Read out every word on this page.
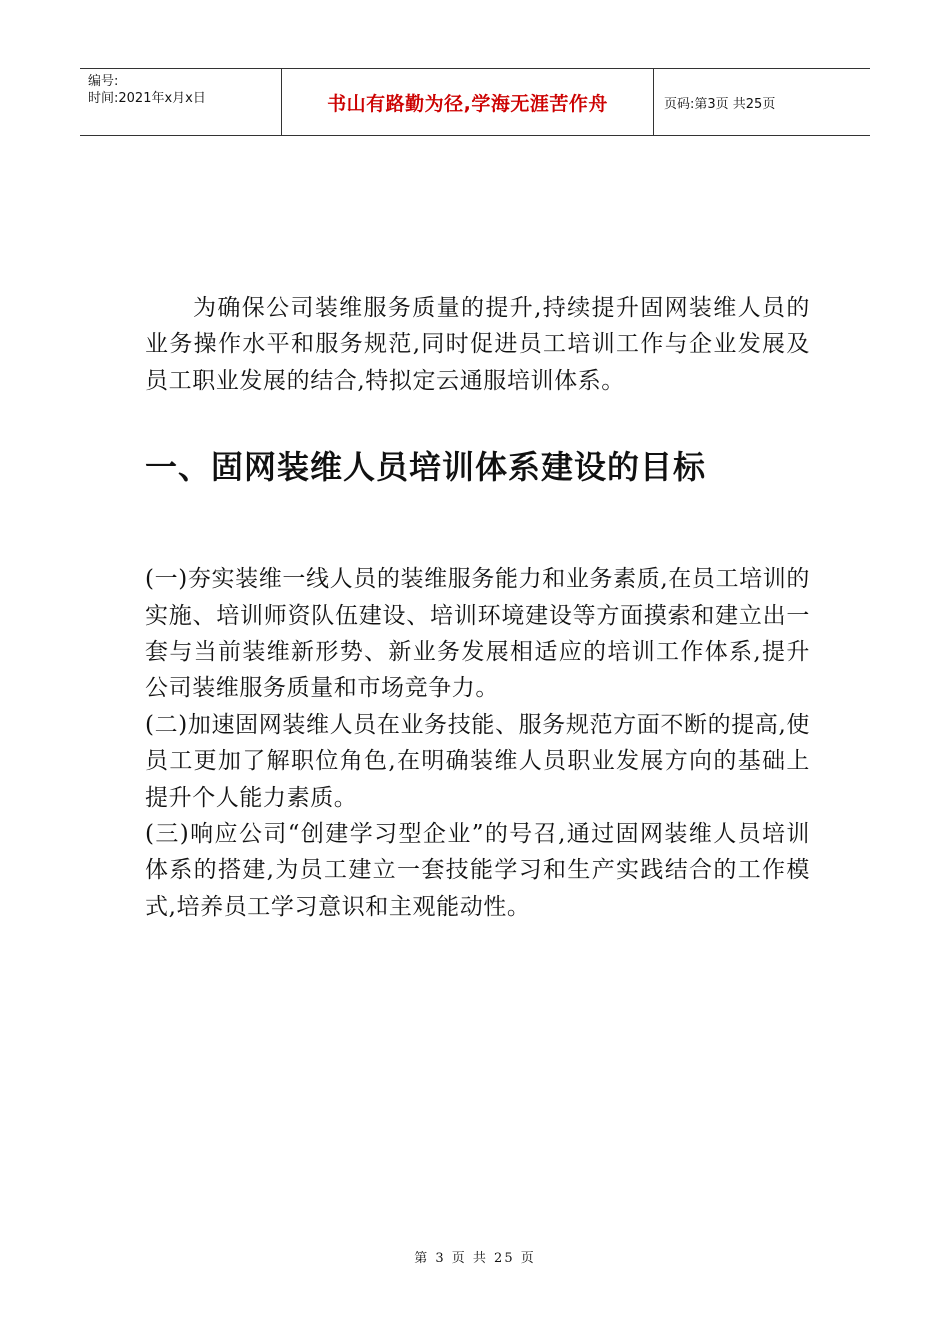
编号:
时间:2021年x月x日	书山有路勤为径,学海无涯苦作舟	页码:第3页 共25页

为确保公司装维服务质量的提升,持续提升固网装维人员的业务操作水平和服务规范,同时促进员工培训工作与企业发展及员工职业发展的结合,特拟定云通服培训体系。

一、固网装维人员培训体系建设的目标

(一)夯实装维一线人员的装维服务能力和业务素质,在员工培训的实施、培训师资队伍建设、培训环境建设等方面摸索和建立出一套与当前装维新形势、新业务发展相适应的培训工作体系,提升公司装维服务质量和市场竞争力。

(二)加速固网装维人员在业务技能、服务规范方面不断的提高,使员工更加了解职位角色,在明确装维人员职业发展方向的基础上提升个人能力素质。

(三)响应公司“创建学习型企业”的号召,通过固网装维人员培训体系的搭建,为员工建立一套技能学习和生产实践结合的工作模式,培养员工学习意识和主观能动性。

第 3 页 共 25 页
